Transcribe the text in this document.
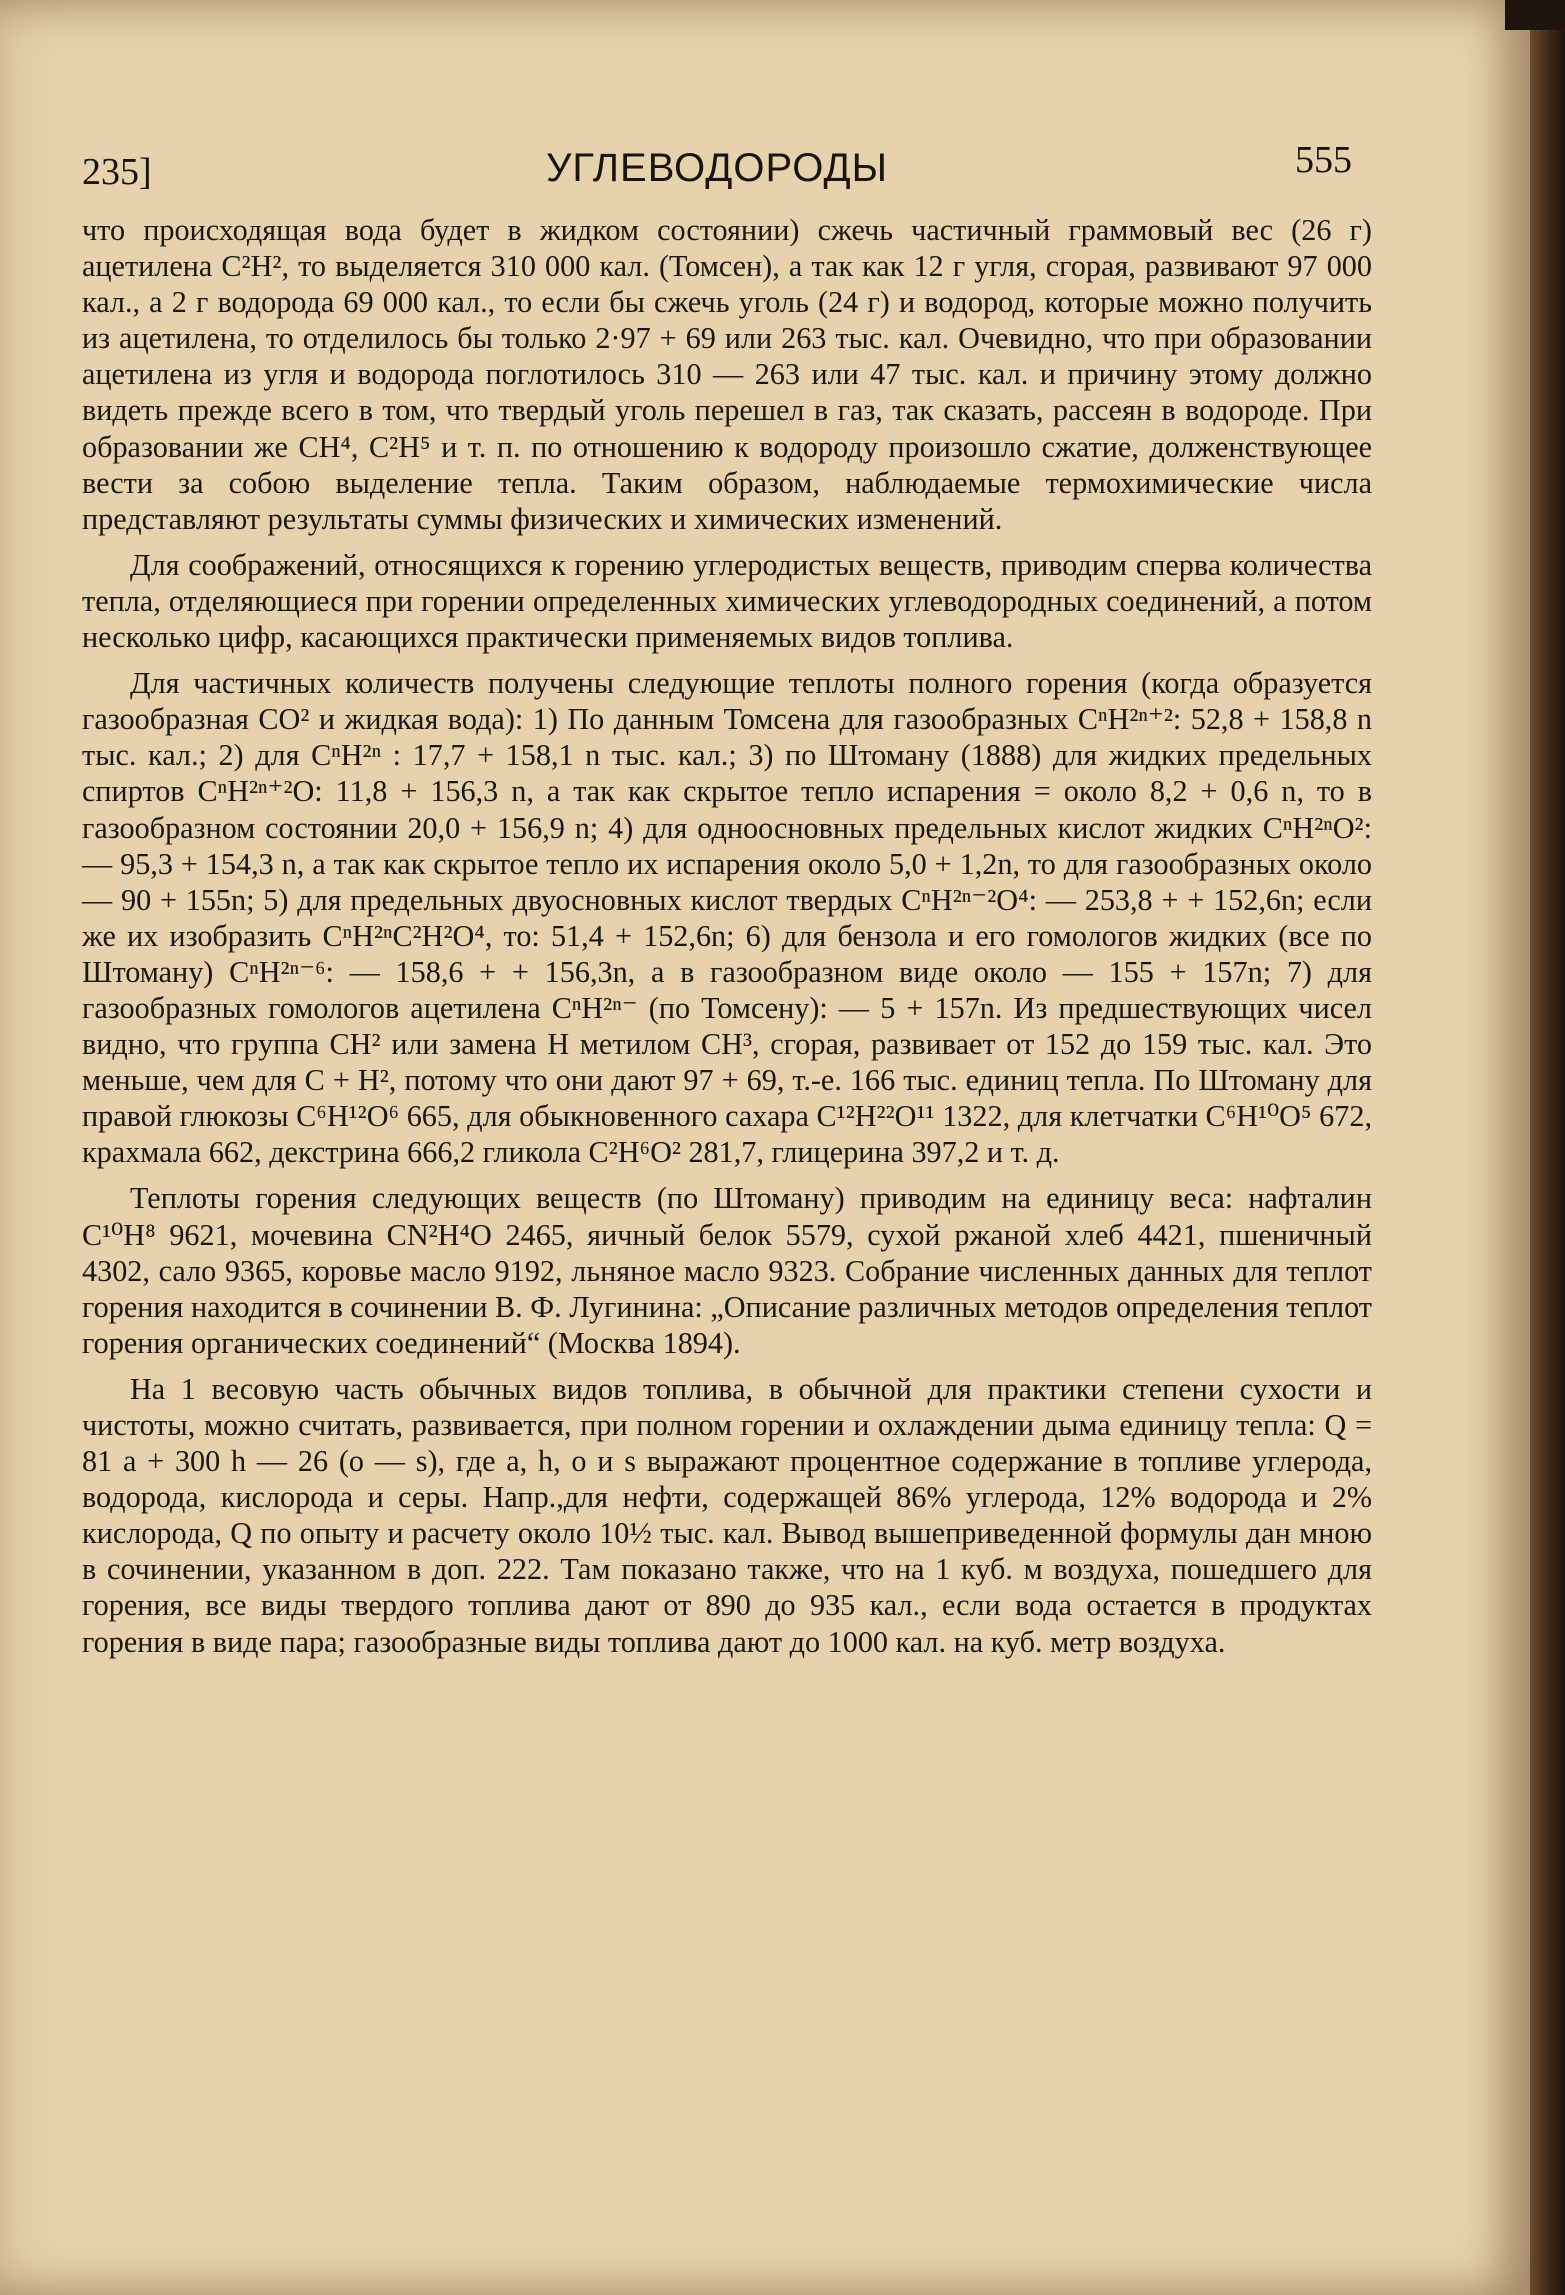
235]	УГЛЕВОДОРОДЫ	555

что происходящая вода будет в жидком состоянии) сжечь частичный граммовый вес (26 г) ацетилена C²H², то выделяется 310 000 кал. (Томсен), а так как 12 г угля, сгорая, развивают 97 000 кал., а 2 г водорода 69 000 кал., то если бы сжечь уголь (24 г) и водород, которые можно получить из ацетилена, то отделилось бы только 2·97 + 69 или 263 тыс. кал. Очевидно, что при образовании ацетилена из угля и водорода поглотилось 310 — 263 или 47 тыс. кал. и причину этому должно видеть прежде всего в том, что твердый уголь перешел в газ, так сказать, рассеян в водороде. При образовании же CH⁴, C²H⁵ и т. п. по отношению к водороду произошло сжатие, долженствующее вести за собою выделение тепла. Таким образом, наблюдаемые термохимические числа представляют результаты суммы физических и химических изменений.

Для соображений, относящихся к горению углеродистых веществ, приводим сперва количества тепла, отделяющиеся при горении определенных химических углеводородных соединений, а потом несколько цифр, касающихся практически применяемых видов топлива.

Для частичных количеств получены следующие теплоты полного горения (когда образуется газообразная CO² и жидкая вода): 1) По данным Томсена для газообразных CⁿH²ⁿ⁺²: 52,8 + 158,8 n тыс. кал.; 2) для CⁿH²ⁿ : 17,7 + 158,1 n тыс. кал.; 3) по Штоману (1888) для жидких предельных спиртов CⁿH²ⁿ⁺²O: 11,8 + 156,3 n, а так как скрытое тепло испарения = около 8,2 + 0,6 n, то в газообразном состоянии 20,0 + 156,9 n; 4) для одноосновных предельных кислот жидких CⁿH²ⁿO²: — 95,3 + 154,3 n, а так как скрытое тепло их испарения около 5,0 + 1,2n, то для газообразных около — 90 + 155n; 5) для предельных двуосновных кислот твердых CⁿH²ⁿ⁻²O⁴: — 253,8 + + 152,6n; если же их изобразить CⁿH²ⁿC²H²O⁴, то: 51,4 + 152,6n; 6) для бензола и его гомологов жидких (все по Штоману) CⁿH²ⁿ⁻⁶: — 158,6 + + 156,3n, а в газообразном виде около — 155 + 157n; 7) для газообразных гомологов ацетилена CⁿH²ⁿ⁻ (по Томсену): — 5 + 157n. Из предшествующих чисел видно, что группа CH² или замена H метилом CH³, сгорая, развивает от 152 до 159 тыс. кал. Это меньше, чем для C + H², потому что они дают 97 + 69, т.-е. 166 тыс. единиц тепла. По Штоману для правой глюкозы C⁶H¹²O⁶ 665, для обыкновенного сахара C¹²H²²O¹¹ 1322, для клетчатки C⁶H¹⁰O⁵ 672, крахмала 662, декстрина 666,2 гликола C²H⁶O² 281,7, глицерина 397,2 и т. д.

Теплоты горения следующих веществ (по Штоману) приводим на единицу веса: нафталин C¹⁰H⁸ 9621, мочевина CN²H⁴O 2465, яичный белок 5579, сухой ржаной хлеб 4421, пшеничный 4302, сало 9365, коровье масло 9192, льняное масло 9323. Собрание численных данных для теплот горения находится в сочинении В. Ф. Лугинина: „Описание различных методов определения теплот горения органических соединений“ (Москва 1894).

На 1 весовую часть обычных видов топлива, в обычной для практики степени сухости и чистоты, можно считать, развивается, при полном горении и охлаждении дыма единицу тепла: Q = 81 a + 300 h — 26 (o — s), где a, h, o и s выражают процентное содержание в топливе углерода, водорода, кислорода и серы. Напр.,для нефти, содержащей 86% углерода, 12% водорода и 2% кислорода, Q по опыту и расчету около 10½ тыс. кал. Вывод вышеприведенной формулы дан мною в сочинении, указанном в доп. 222. Там показано также, что на 1 куб. м воздуха, пошедшего для горения, все виды твердого топлива дают от 890 до 935 кал., если вода остается в продуктах горения в виде пара; газообразные виды топлива дают до 1000 кал. на куб. метр воздуха.
